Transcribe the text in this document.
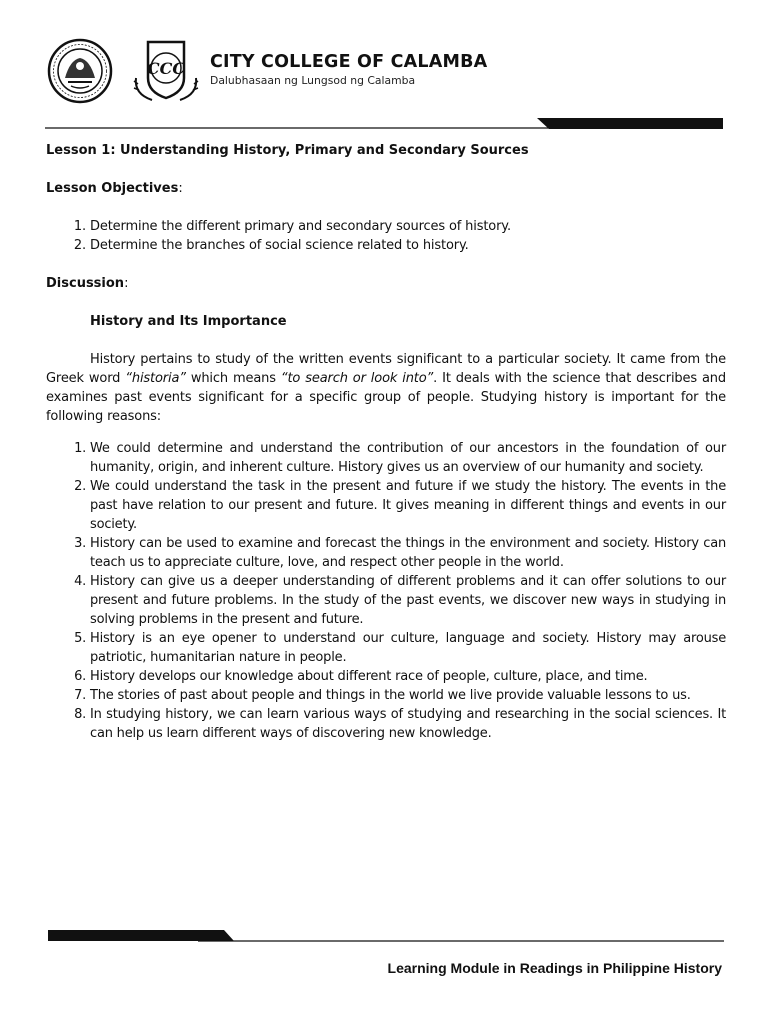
CCC CITY COLLEGE OF CALAMBA
Dalubhasaan ng Lungsod ng Calamba
Lesson 1: Understanding History, Primary and Secondary Sources
Lesson Objectives:
1. Determine the different primary and secondary sources of history.
2. Determine the branches of social science related to history.
Discussion:
History and Its Importance

History pertains to study of the written events significant to a particular society. It came from the Greek word “historia” which means “to search or look into”. It deals with the science that describes and examines past events significant for a specific group of people. Studying history is important for the following reasons:

1. We could determine and understand the contribution of our ancestors in the foundation of our humanity, origin, and inherent culture. History gives us an overview of our humanity and society.
2. We could understand the task in the present and future if we study the history. The events in the past have relation to our present and future. It gives meaning in different things and events in our society.
3. History can be used to examine and forecast the things in the environment and society. History can teach us to appreciate culture, love, and respect other people in the world.
4. History can give us a deeper understanding of different problems and it can offer solutions to our present and future problems. In the study of the past events, we discover new ways in studying in solving problems in the present and future.
5. History is an eye opener to understand our culture, language and society. History may arouse patriotic, humanitarian nature in people.
6. History develops our knowledge about different race of people, culture, place, and time.
7. The stories of past about people and things in the world we live provide valuable lessons to us.
8. In studying history, we can learn various ways of studying and researching in the social sciences. It can help us learn different ways of discovering new knowledge.
Learning Module in Readings in Philippine History
